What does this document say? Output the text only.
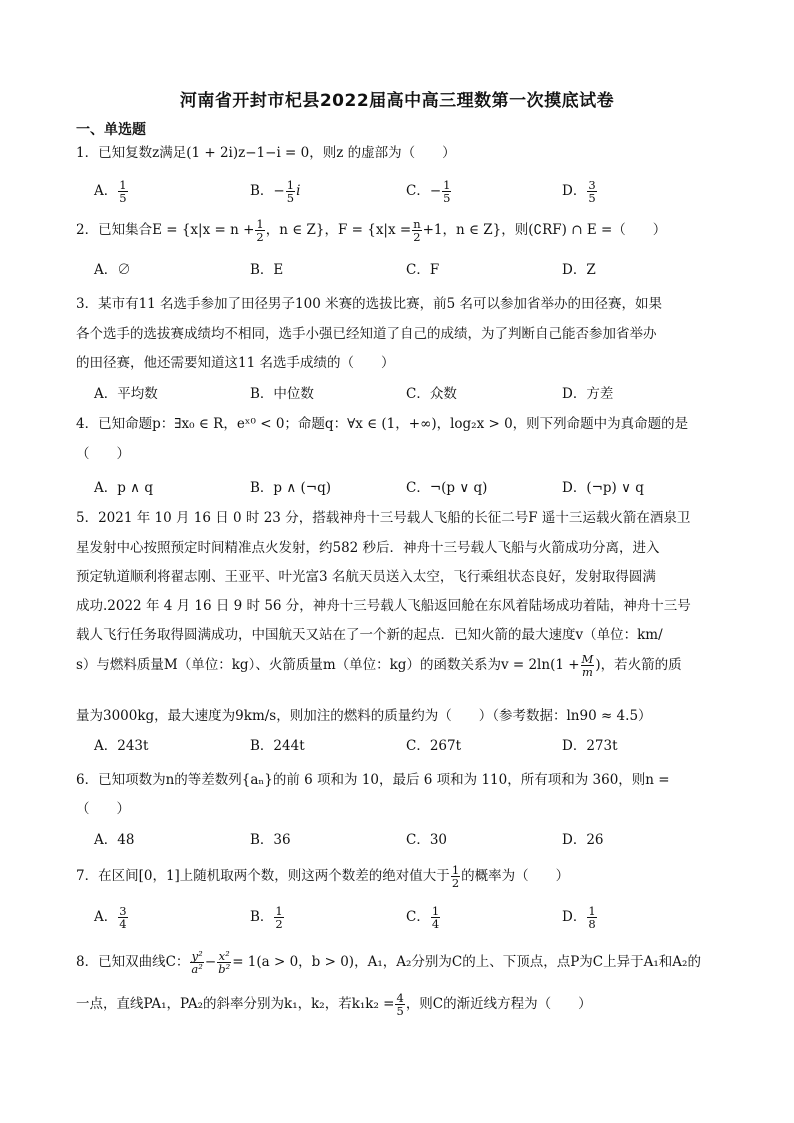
河南省开封市杞县2022届高中高三理数第一次摸底试卷
一、单选题
1．已知复数z满足(1 + 2i)z−1−i = 0，则z 的虚部为（　　）
A． $\frac{1}{5}$	B．− $\frac{1}{5}$ i	C．− $\frac{1}{5}$	D． $\frac{3}{5}$
2．已知集合$E = \{x|x = n + \frac{1}{2}$ ，n ∈ Z}，$F = \{x|x = \frac{n}{2} +1$，n ∈ Z}，则(∁RF) ∩ E =（　　）
A．∅	B．E	C．F	D．Z
3．某市有11 名选手参加了田径男子100 米赛的选拔比赛，前5 名可以参加省举办的田径赛，如果
各个选手的选拔赛成绩均不相同，选手小强已经知道了自己的成绩，为了判断自己能否参加省举办
的田径赛，他还需要知道这11 名选手成绩的（　　）
A．平均数	B．中位数	C．众数	D．方差
4．已知命题p：∃x₀ ∈ R，eˣ⁰ < 0；命题q：∀x ∈ (1，+∞)，log₂x > 0，则下列命题中为真命题的是
（　　）
A．p ∧ q	B．p ∧ (¬q)	C．¬(p ∨ q)	D．(¬p) ∨ q
5．2021 年 10 月 16 日 0 时 23 分，搭载神舟十三号载人飞船的长征二号F 遥十三运载火箭在酒泉卫
星发射中心按照预定时间精准点火发射，约582 秒后．神舟十三号载人飞船与火箭成功分离，进入
预定轨道顺利将翟志刚、王亚平、叶光富3 名航天员送入太空，飞行乘组状态良好，发射取得圆满
成功.2022 年 4 月 16 日 9 时 56 分，神舟十三号载人飞船返回舱在东风着陆场成功着陆，神舟十三号
载人飞行任务取得圆满成功，中国航天又站在了一个新的起点．已知火箭的最大速度v（单位：km/
s）与燃料质量M（单位：kg）、火箭质量m（单位：kg）的函数关系为$v = 2\ln(1 + \frac{M}{m}$ )，若火箭的质
量为3000kg，最大速度为9km/s，则加注的燃料的质量约为（　　）（参考数据：ln90 ≈ 4.5）
A．243t	B．244t	C．267t	D．273t
6．已知项数为n的等差数列{aₙ}的前 6 项和为 10，最后 6 项和为 110，所有项和为 360，则n =
（　　）
A．48	B．36	C．30	D．26
7．在区间[0，1]上随机取两个数，则这两个数差的绝对值大于 $\frac{1}{2}$ 的概率为（　　）
A． $\frac{3}{4}$	B． $\frac{1}{2}$	C． $\frac{1}{4}$	D． $\frac{1}{8}$
8．已知双曲线C： $\frac{\text{y²}}{\text{a²}} - \frac{\text{x²}}{\text{b²}} = 1(a > 0$，b > 0)，A₁，A₂分别为C的上、下顶点，点P为C上异于A₁和A₂的
一点，直线PA₁，PA₂的斜率分别为k₁，k₂，若$k_1k_2 = \frac{4}{5}$ ，则C的渐近线方程为（　　）
